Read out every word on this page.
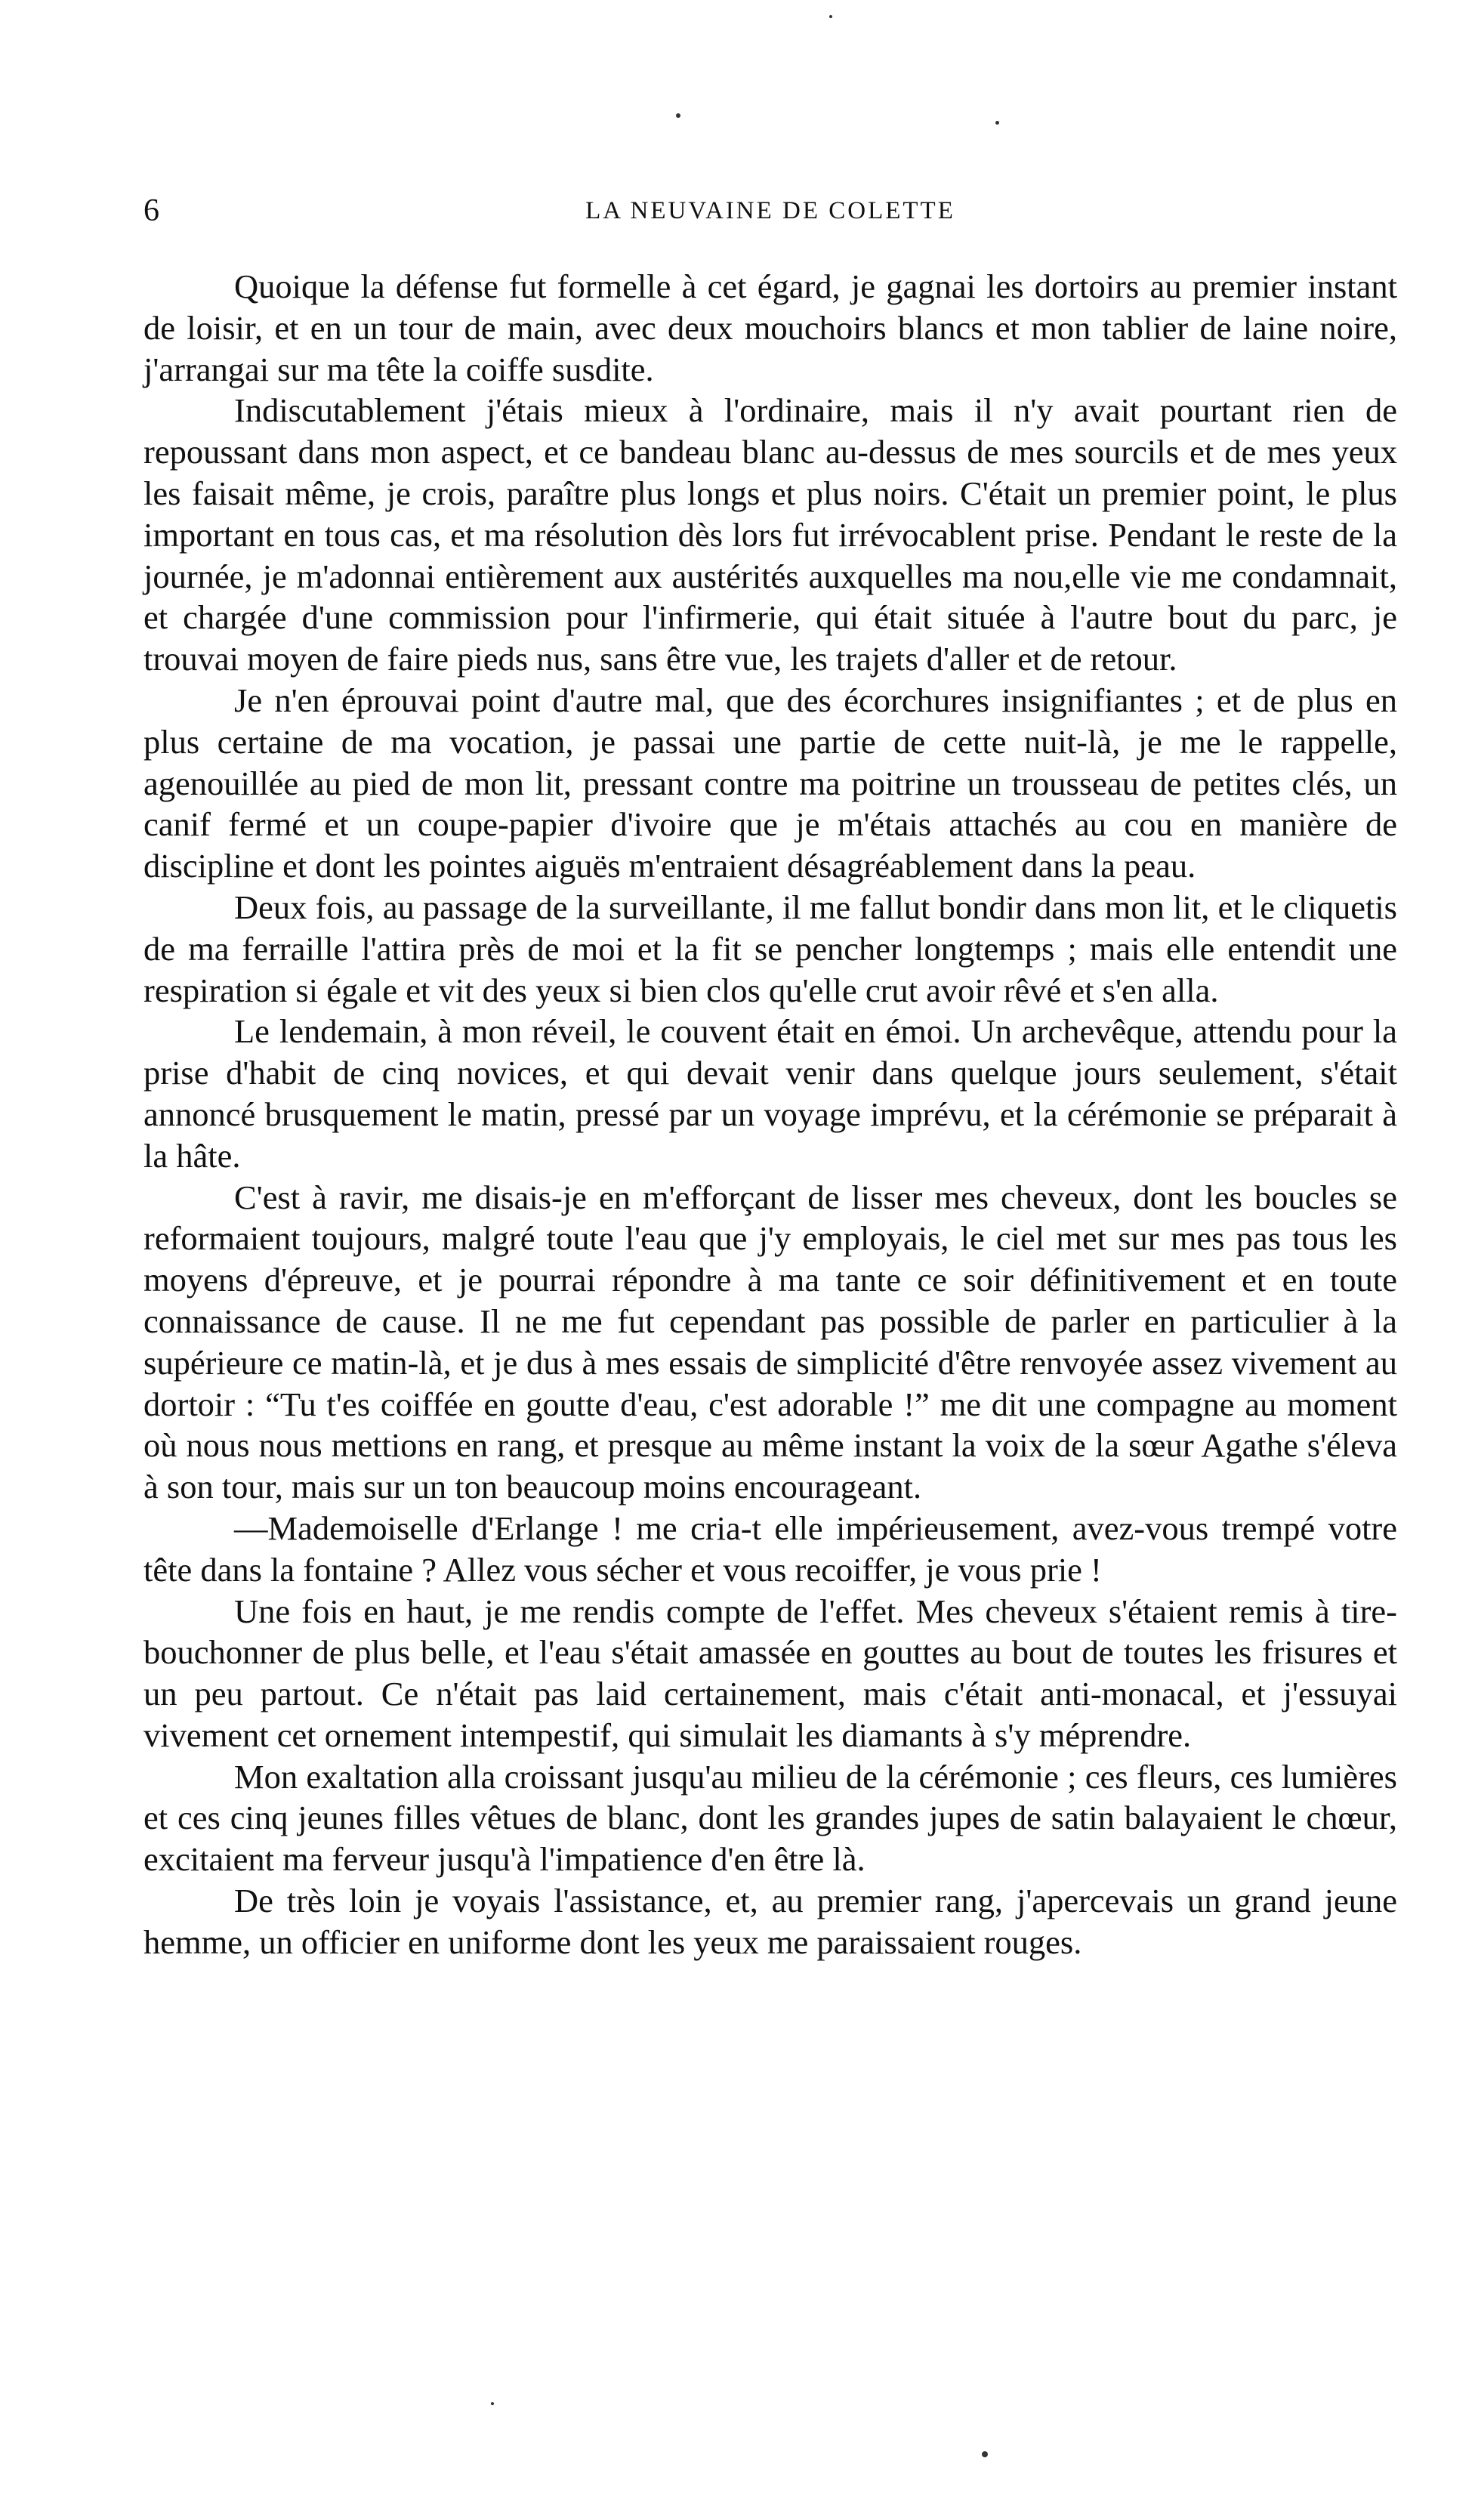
6	LA NEUVAINE DE COLETTE

Quoique la défense fut formelle à cet égard, je gagnai les dortoirs au premier instant de loisir, et en un tour de main, avec deux mouchoirs blancs et mon tablier de laine noire, j'arrangai sur ma tête la coiffe susdite.

Indiscutablement j'étais mieux à l'ordinaire, mais il n'y avait pourtant rien de repoussant dans mon aspect, et ce bandeau blanc au-dessus de mes sourcils et de mes yeux les faisait même, je crois, paraître plus longs et plus noirs. C'était un premier point, le plus important en tous cas, et ma résolution dès lors fut irrévocablent prise. Pendant le reste de la journée, je m'adonnai entièrement aux austérités auxquelles ma nou,elle vie me condamnait, et chargée d'une commission pour l'infirmerie, qui était située à l'autre bout du parc, je trouvai moyen de faire pieds nus, sans être vue, les trajets d'aller et de retour.

Je n'en éprouvai point d'autre mal, que des écorchures insignifiantes ; et de plus en plus certaine de ma vocation, je passai une partie de cette nuit-là, je me le rappelle, agenouillée au pied de mon lit, pressant contre ma poitrine un trousseau de petites clés, un canif fermé et un coupe-papier d'ivoire que je m'étais attachés au cou en manière de discipline et dont les pointes aiguës m'entraient désagréablement dans la peau.

Deux fois, au passage de la surveillante, il me fallut bondir dans mon lit, et le cliquetis de ma ferraille l'attira près de moi et la fit se pencher longtemps ; mais elle entendit une respiration si égale et vit des yeux si bien clos qu'elle crut avoir rêvé et s'en alla.

Le lendemain, à mon réveil, le couvent était en émoi. Un archevêque, attendu pour la prise d'habit de cinq novices, et qui devait venir dans quelque jours seulement, s'était annoncé brusquement le matin, pressé par un voyage imprévu, et la cérémonie se préparait à la hâte.

C'est à ravir, me disais-je en m'efforçant de lisser mes cheveux, dont les boucles se reformaient toujours, malgré toute l'eau que j'y employais, le ciel met sur mes pas tous les moyens d'épreuve, et je pourrai répondre à ma tante ce soir définitivement et en toute connaissance de cause. Il ne me fut cependant pas possible de parler en particulier à la supérieure ce matin-là, et je dus à mes essais de simplicité d'être renvoyée assez vivement au dortoir : “Tu t'es coiffée en goutte d'eau, c'est adorable !” me dit une compagne au moment où nous nous mettions en rang, et presque au même instant la voix de la sœur Agathe s'éleva à son tour, mais sur un ton beaucoup moins encourageant.

—Mademoiselle d'Erlange ! me cria-t elle impérieusement, avez-vous trempé votre tête dans la fontaine ? Allez vous sécher et vous recoiffer, je vous prie !

Une fois en haut, je me rendis compte de l'effet. Mes cheveux s'étaient remis à tire-bouchonner de plus belle, et l'eau s'était amassée en gouttes au bout de toutes les frisures et un peu partout. Ce n'était pas laid certainement, mais c'était anti-monacal, et j'essuyai vivement cet ornement intempestif, qui simulait les diamants à s'y méprendre.

Mon exaltation alla croissant jusqu'au milieu de la cérémonie ; ces fleurs, ces lumières et ces cinq jeunes filles vêtues de blanc, dont les grandes jupes de satin balayaient le chœur, excitaient ma ferveur jusqu'à l'impatience d'en être là.

De très loin je voyais l'assistance, et, au premier rang, j'apercevais un grand jeune hemme, un officier en uniforme dont les yeux me paraissaient rouges.
